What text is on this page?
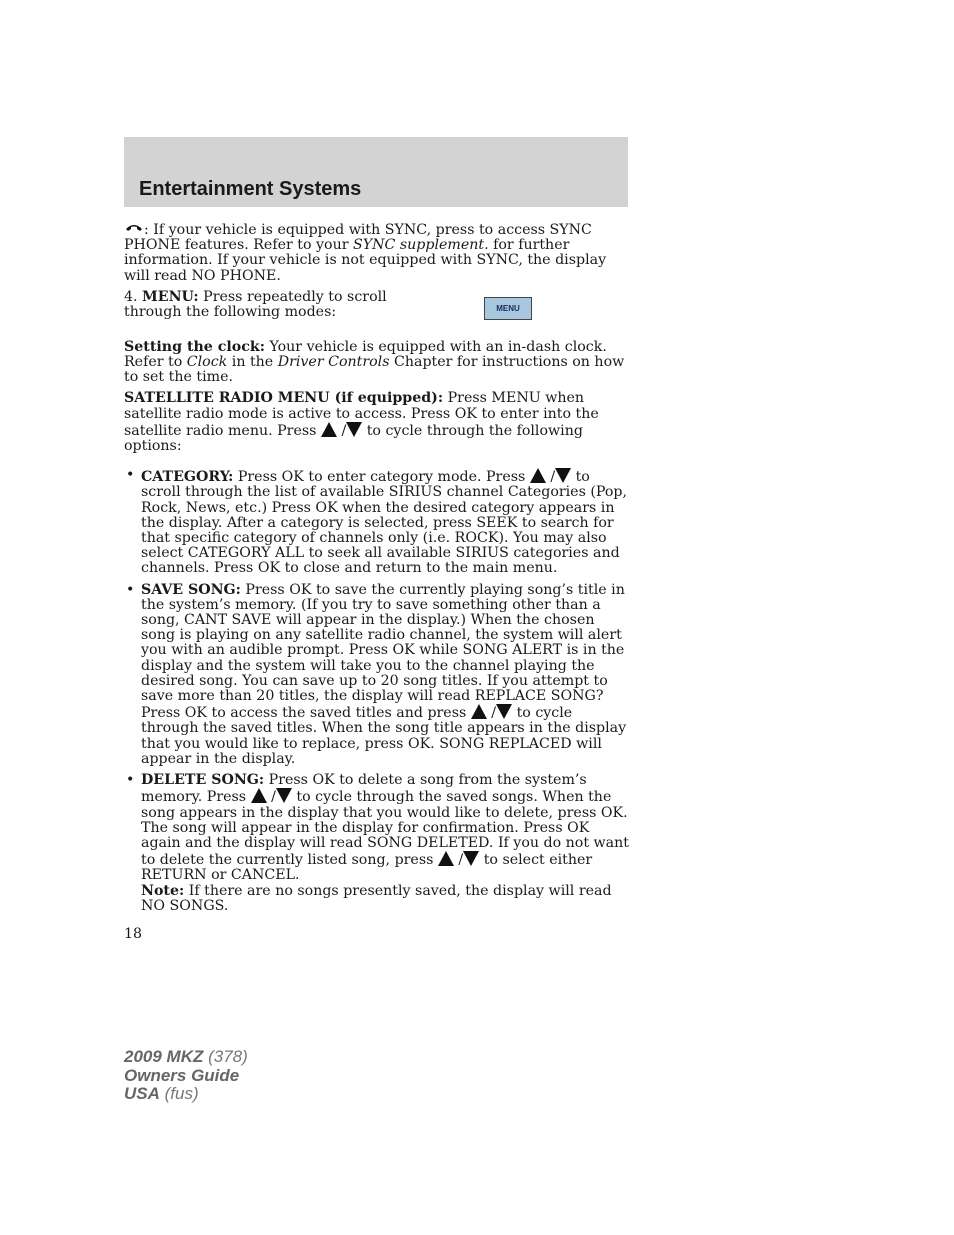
Entertainment Systems

: If your vehicle is equipped with SYNC, press to access SYNC PHONE features. Refer to your SYNC supplement. for further information. If your vehicle is not equipped with SYNC, the display will read NO PHONE.

4. MENU: Press repeatedly to scroll through the following modes:

Setting the clock: Your vehicle is equipped with an in-dash clock. Refer to Clock in the Driver Controls Chapter for instructions on how to set the time.

SATELLITE RADIO MENU (if equipped): Press MENU when satellite radio mode is active to access. Press OK to enter into the satellite radio menu. Press  / to cycle through the following options:

• CATEGORY: Press OK to enter category mode. Press  / to scroll through the list of available SIRIUS channel Categories (Pop, Rock, News, etc.) Press OK when the desired category appears in the display. After a category is selected, press SEEK to search for that specific category of channels only (i.e. ROCK). You may also select CATEGORY ALL to seek all available SIRIUS categories and channels. Press OK to close and return to the main menu.
• SAVE SONG: Press OK to save the currently playing song’s title in the system’s memory. (If you try to save something other than a song, CANT SAVE will appear in the display.) When the chosen song is playing on any satellite radio channel, the system will alert you with an audible prompt. Press OK while SONG ALERT is in the display and the system will take you to the channel playing the desired song. You can save up to 20 song titles. If you attempt to save more than 20 titles, the display will read REPLACE SONG? Press OK to access the saved titles and press  / to cycle through the saved titles. When the song title appears in the display that you would like to replace, press OK. SONG REPLACED will appear in the display.
• DELETE SONG: Press OK to delete a song from the system’s memory. Press  / to cycle through the saved songs. When the song appears in the display that you would like to delete, press OK. The song will appear in the display for confirmation. Press OK again and the display will read SONG DELETED. If you do not want to delete the currently listed song, press  / to select either RETURN or CANCEL.
Note: If there are no songs presently saved, the display will read NO SONGS.
MENU
18
2009 MKZ (378)
Owners Guide
USA (fus)
